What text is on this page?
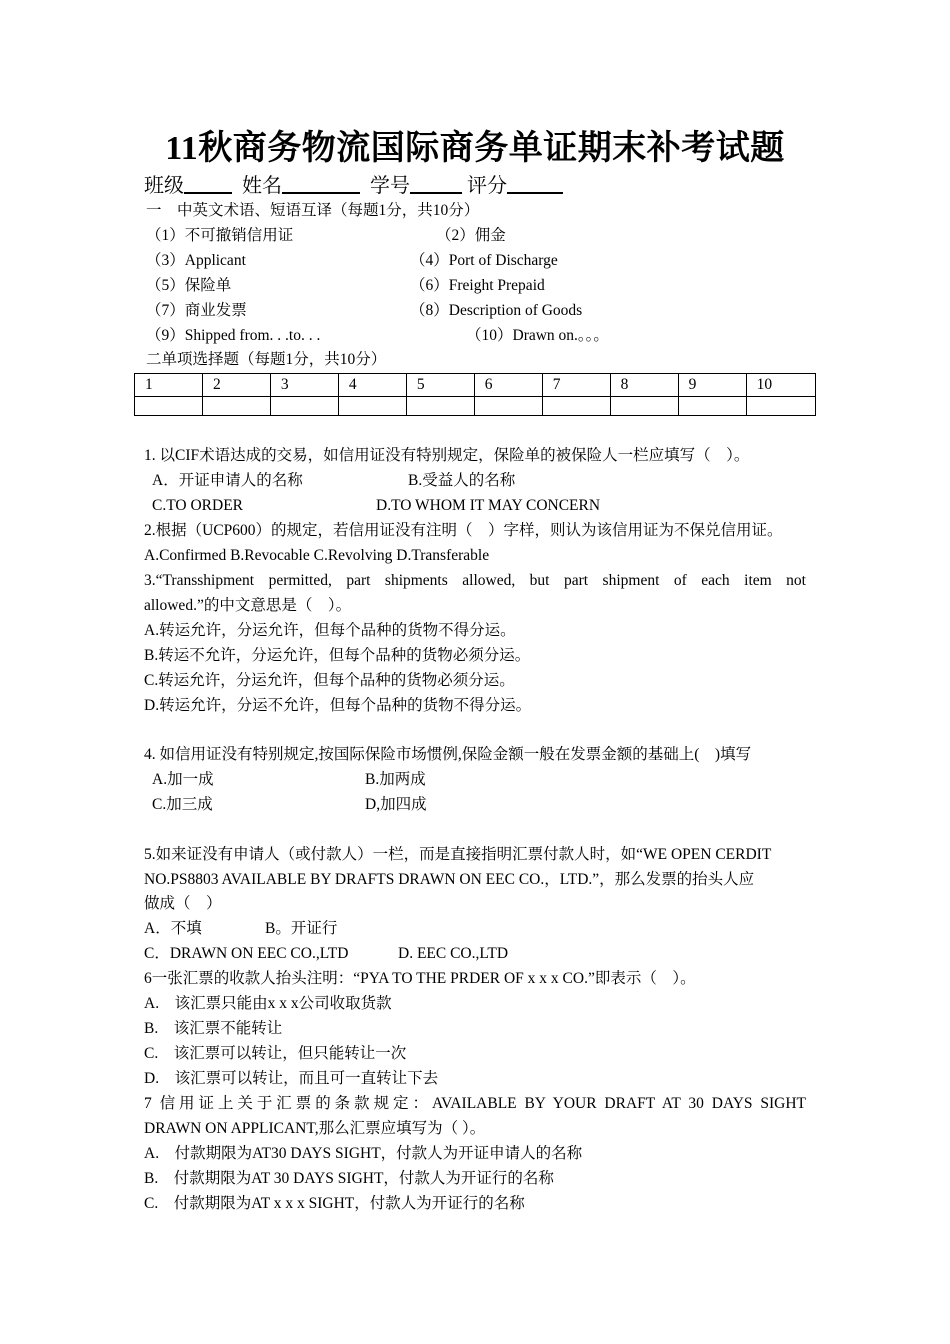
11秋商务物流国际商务单证期末补考试题
班级	姓名	学号	评分
一　中英文术语、短语互译（每题1分，共10分）
（1）不可撤销信用证	（2）佣金
（3）Applicant	（4）Port of Discharge
（5）保险单	（6）Freight Prepaid
（7）商业发票	（8）Description of Goods
（9）Shipped from. . .to. . .	（10）Drawn on.。。。
二单项选择题（每题1分，共10分）
1	2	3	4	5	6	7	8	9	10

1. 以CIF术语达成的交易，如信用证没有特别规定，保险单的被保险人一栏应填写（　）。
A．开证申请人的名称	B.受益人的名称
C.TO ORDER	D.TO WHOM IT MAY CONCERN
2.根据（UCP600）的规定，若信用证没有注明（　）字样，则认为该信用证为不保兑信用证。
A.Confirmed B.Revocable C.Revolving D.Transferable
3.“Transshipment permitted, part shipments allowed, but part shipment of each item not
allowed.”的中文意思是（　）。
A.转运允许，分运允许，但每个品种的货物不得分运。
B.转运不允许，分运允许，但每个品种的货物必须分运。
C.转运允许，分运允许，但每个品种的货物必须分运。
D.转运允许，分运不允许，但每个品种的货物不得分运。
4. 如信用证没有特别规定,按国际保险市场惯例,保险金额一般在发票金额的基础上(　)填写
A.加一成	B.加两成
C.加三成	D,加四成
5.如来证没有申请人（或付款人）一栏，而是直接指明汇票付款人时，如“WE OPEN CERDIT
NO.PS8803 AVAILABLE BY DRAFTS DRAWN ON EEC CO.，LTD.”，那么发票的抬头人应
做成（　）
A．不填	B。开证行
C．DRAWN ON EEC CO.,LTD	D. EEC CO.,LTD
6一张汇票的收款人抬头注明：“PYA TO THE PRDER OF x x x CO.”即表示（　）。
A.　该汇票只能由x x x公司收取货款
B.　该汇票不能转让
C.　该汇票可以转让，但只能转让一次
D.　该汇票可以转让，而且可一直转让下去
7 信用证上关于汇票的条款规定：AVAILABLE BY YOUR DRAFT AT 30 DAYS SIGHT
DRAWN ON APPLICANT,那么汇票应填写为（ ）。
A.　付款期限为AT30 DAYS SIGHT，付款人为开证申请人的名称
B.　付款期限为AT 30 DAYS SIGHT，付款人为开证行的名称
C.　付款期限为AT x x x SIGHT，付款人为开证行的名称
